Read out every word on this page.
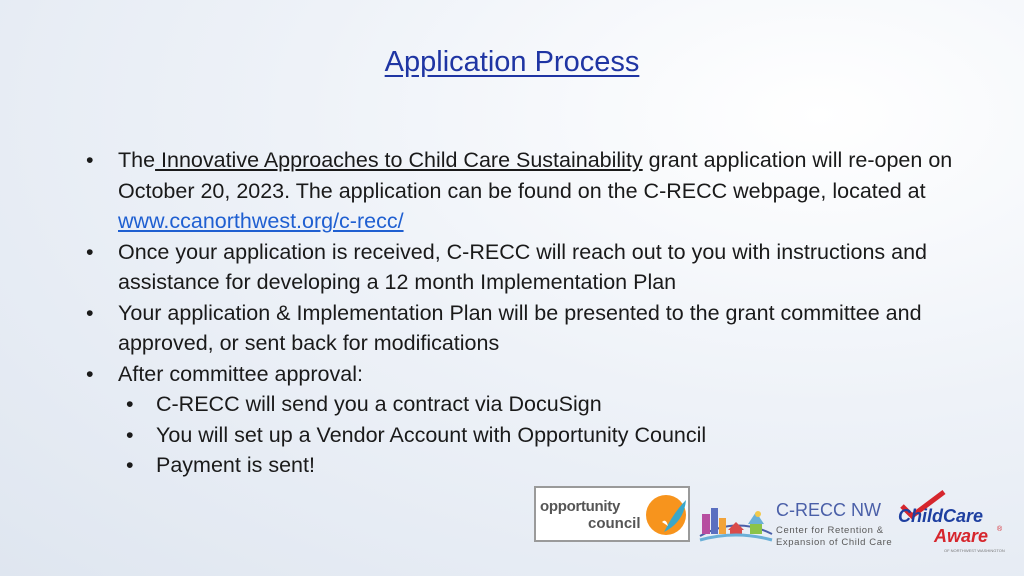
Application Process
• The Innovative Approaches to Child Care Sustainability grant application will re-open on October 20, 2023. The application can be found on the C-RECC webpage, located at www.ccanorthwest.org/c-recc/
• Once your application is received, C-RECC will reach out to you with instructions and assistance for developing a 12 month Implementation Plan
• Your application & Implementation Plan will be presented to the grant committee and approved, or sent back for modifications
• After committee approval:
• C-RECC will send you a contract via DocuSign
• You will set up a Vendor Account with Opportunity Council
• Payment is sent!
opportunity
council
C-RECC NW
Center for Retention &
Expansion of Child Care
ChildCare
Aware ®
OF NORTHWEST WASHINGTON
